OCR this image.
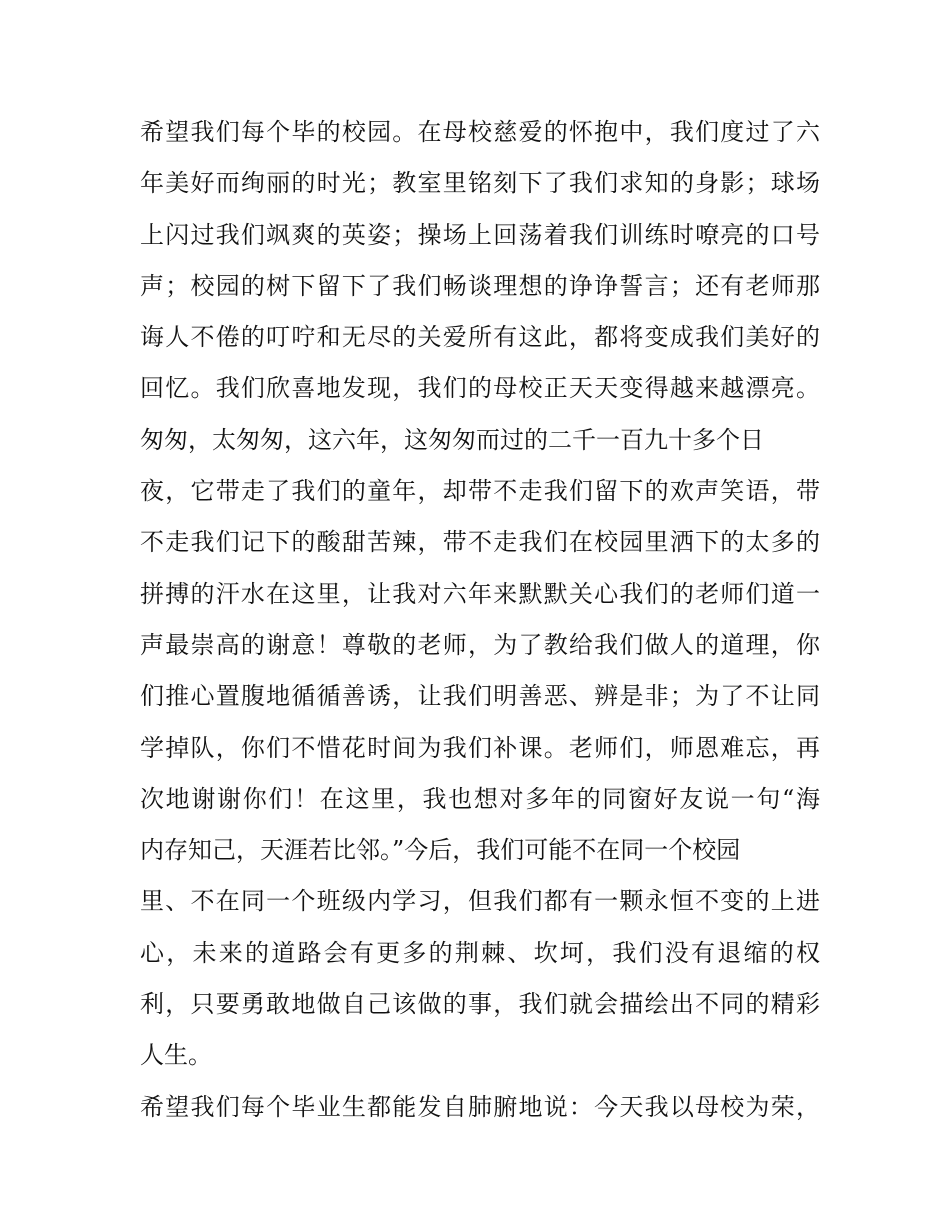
希望我们每个毕的校园。在母校慈爱的怀抱中，我们度过了六
年美好而绚丽的时光；教室里铭刻下了我们求知的身影；球场
上闪过我们飒爽的英姿；操场上回荡着我们训练时嘹亮的口号
声；校园的树下留下了我们畅谈理想的诤诤誓言；还有老师那
诲人不倦的叮咛和无尽的关爱所有这此，都将变成我们美好的
回忆。我们欣喜地发现，我们的母校正天天变得越来越漂亮。
匆匆，太匆匆，这六年，这匆匆而过的二千一百九十多个日
夜，它带走了我们的童年，却带不走我们留下的欢声笑语，带
不走我们记下的酸甜苦辣，带不走我们在校园里洒下的太多的
拼搏的汗水在这里，让我对六年来默默关心我们的老师们道一
声最崇高的谢意！尊敬的老师，为了教给我们做人的道理，你
们推心置腹地循循善诱，让我们明善恶、辨是非；为了不让同
学掉队，你们不惜花时间为我们补课。老师们，师恩难忘，再
次地谢谢你们！在这里，我也想对多年的同窗好友说一句“海
内存知己，天涯若比邻。”今后，我们可能不在同一个校园
里、不在同一个班级内学习，但我们都有一颗永恒不变的上进
心，未来的道路会有更多的荆棘、坎坷，我们没有退缩的权
利，只要勇敢地做自己该做的事，我们就会描绘出不同的精彩
人生。
希望我们每个毕业生都能发自肺腑地说：今天我以母校为荣，
